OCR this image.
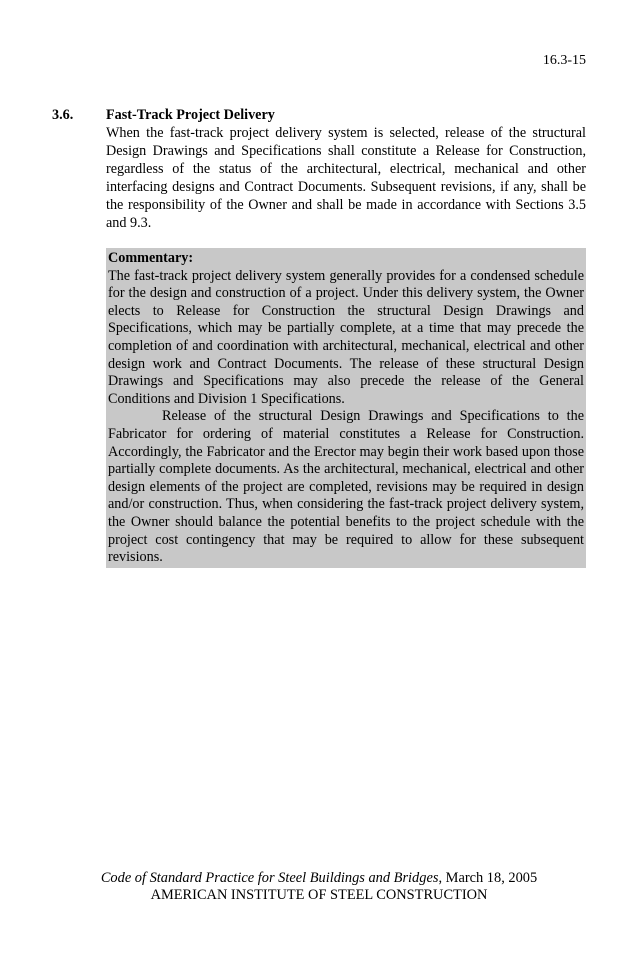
16.3-15
3.6. Fast-Track Project Delivery

When the fast-track project delivery system is selected, release of the structural Design Drawings and Specifications shall constitute a Release for Construction, regardless of the status of the architectural, electrical, mechanical and other interfacing designs and Contract Documents. Subsequent revisions, if any, shall be the responsibility of the Owner and shall be made in accordance with Sections 3.5 and 9.3.

Commentary:

The fast-track project delivery system generally provides for a condensed schedule for the design and construction of a project. Under this delivery system, the Owner elects to Release for Construction the structural Design Drawings and Specifications, which may be partially complete, at a time that may precede the completion of and coordination with architectural, mechanical, electrical and other design work and Contract Documents. The release of these structural Design Drawings and Specifications may also precede the release of the General Conditions and Division 1 Specifications.

Release of the structural Design Drawings and Specifications to the Fabricator for ordering of material constitutes a Release for Construction. Accordingly, the Fabricator and the Erector may begin their work based upon those partially complete documents. As the architectural, mechanical, electrical and other design elements of the project are completed, revisions may be required in design and/or construction. Thus, when considering the fast-track project delivery system, the Owner should balance the potential benefits to the project schedule with the project cost contingency that may be required to allow for these subsequent revisions.

Code of Standard Practice for Steel Buildings and Bridges, March 18, 2005
AMERICAN INSTITUTE OF STEEL CONSTRUCTION
